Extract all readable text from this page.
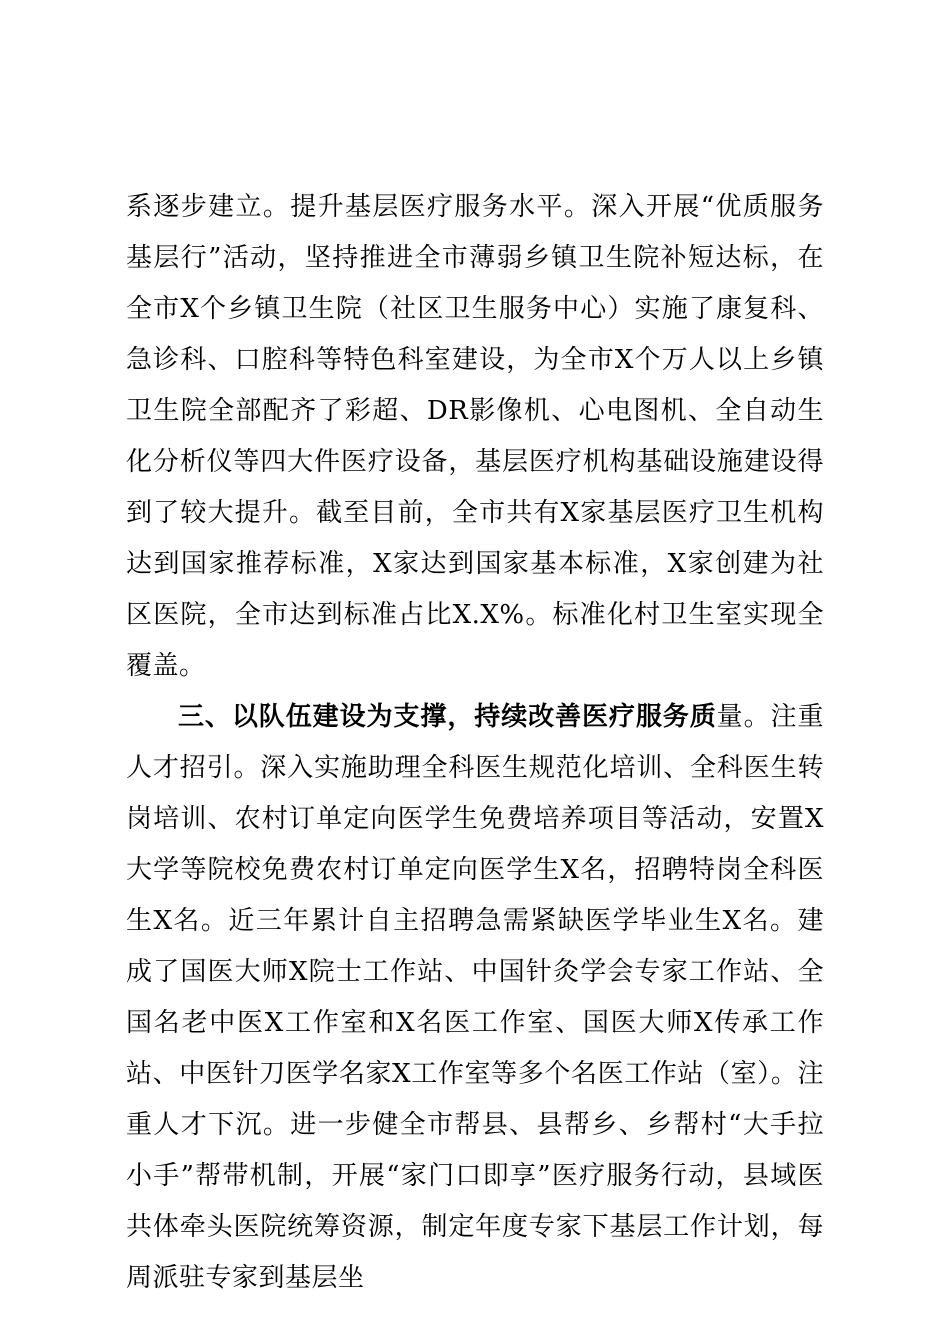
系逐步建立。提升基层医疗服务水平。深入开展“优质服务基层行”活动，坚持推进全市薄弱乡镇卫生院补短达标，在全市X个乡镇卫生院（社区卫生服务中心）实施了康复科、急诊科、口腔科等特色科室建设，为全市X个万人以上乡镇卫生院全部配齐了彩超、DR影像机、心电图机、全自动生化分析仪等四大件医疗设备，基层医疗机构基础设施建设得到了较大提升。截至目前，全市共有X家基层医疗卫生机构达到国家推荐标准，X家达到国家基本标准，X家创建为社区医院，全市达到标准占比X.X%。标准化村卫生室实现全覆盖。

三、以队伍建设为支撑，持续改善医疗服务质量。注重人才招引。深入实施助理全科医生规范化培训、全科医生转岗培训、农村订单定向医学生免费培养项目等活动，安置X大学等院校免费农村订单定向医学生X名，招聘特岗全科医生X名。近三年累计自主招聘急需紧缺医学毕业生X名。建成了国医大师X院士工作站、中国针灸学会专家工作站、全国名老中医X工作室和X名医工作室、国医大师X传承工作站、中医针刀医学名家X工作室等多个名医工作站（室）。注重人才下沉。进一步健全市帮县、县帮乡、乡帮村“大手拉小手”帮带机制，开展“家门口即享”医疗服务行动，县域医共体牵头医院统筹资源，制定年度专家下基层工作计划，每周派驻专家到基层坐
